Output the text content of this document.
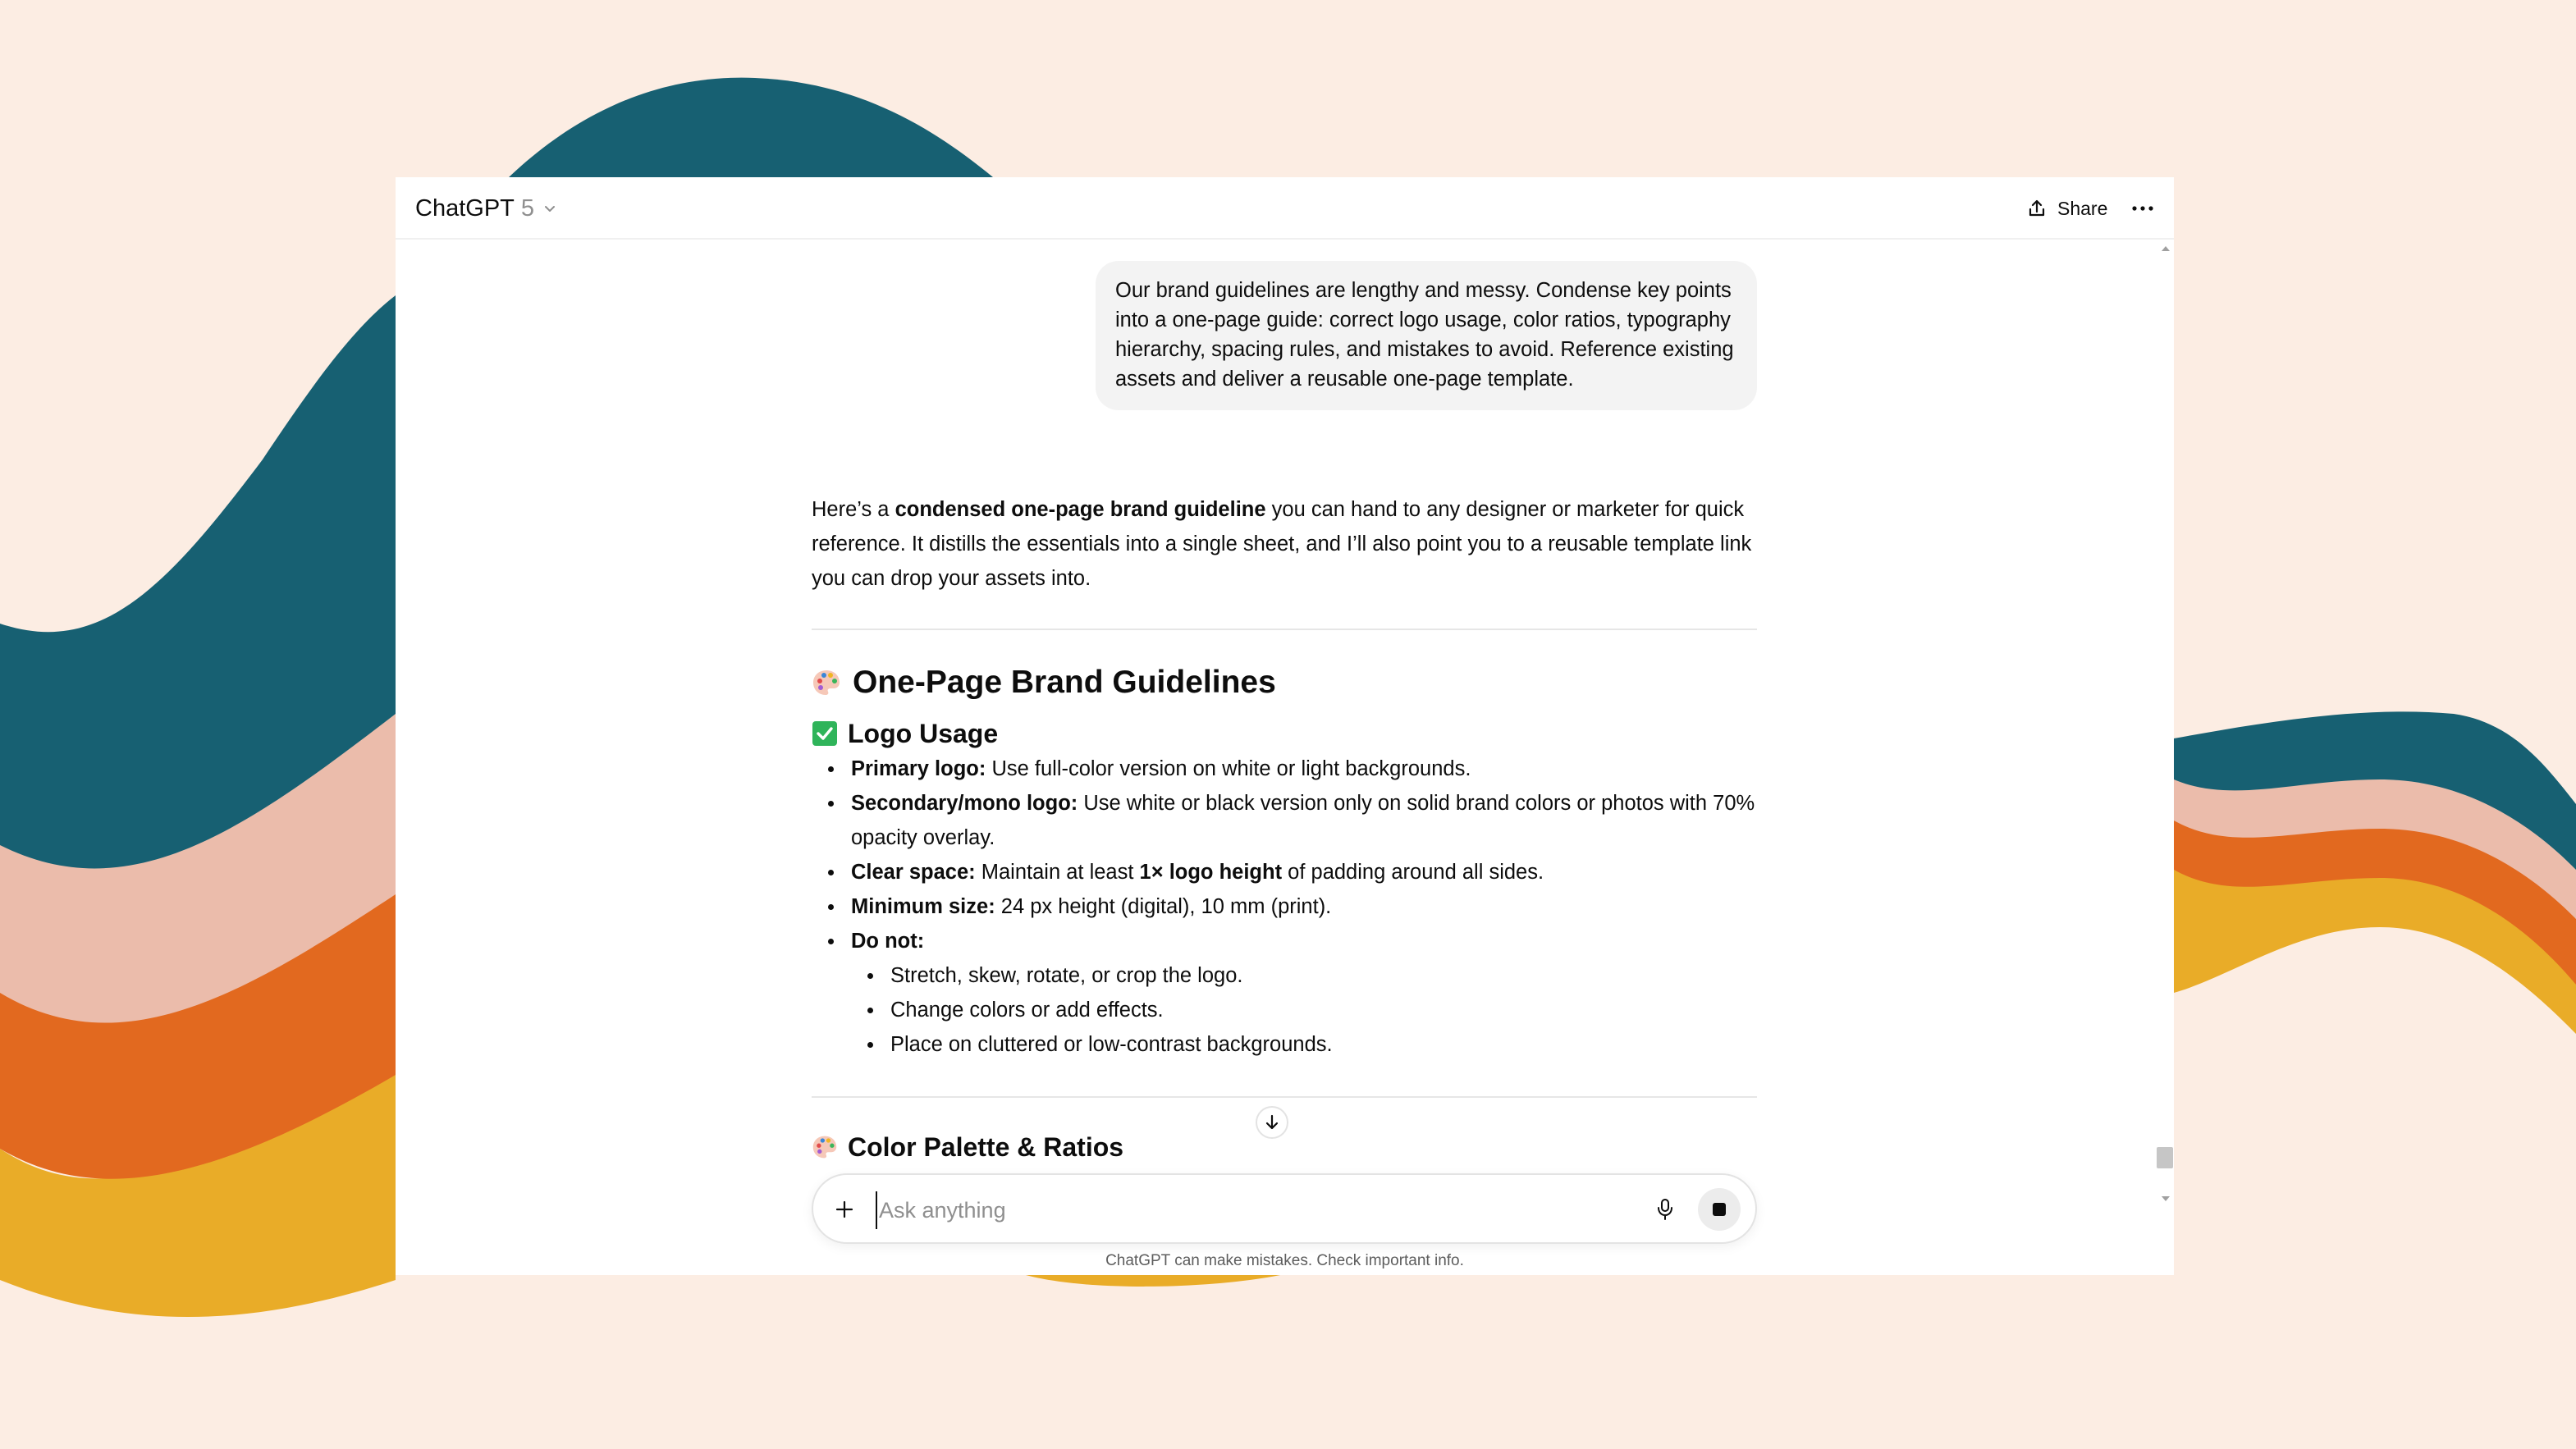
ChatGPT 5	Share
Our brand guidelines are lengthy and messy. Condense key points into a one-page guide: correct logo usage, color ratios, typography hierarchy, spacing rules, and mistakes to avoid. Reference existing assets and deliver a reusable one-page template.

Here’s a condensed one-page brand guideline you can hand to any designer or marketer for quick reference. It distills the essentials into a single sheet, and I’ll also point you to a reusable template link you can drop your assets into.

One-Page Brand Guidelines
Logo Usage
Primary logo: Use full-color version on white or light backgrounds.
Secondary/mono logo: Use white or black version only on solid brand colors or photos with 70% opacity overlay.
Clear space: Maintain at least 1× logo height of padding around all sides.
Minimum size: 24 px height (digital), 10 mm (print).
Do not:
Stretch, skew, rotate, or crop the logo.
Change colors or add effects.
Place on cluttered or low-contrast backgrounds.
Color Palette & Ratios
Ask anything
ChatGPT can make mistakes. Check important info.
